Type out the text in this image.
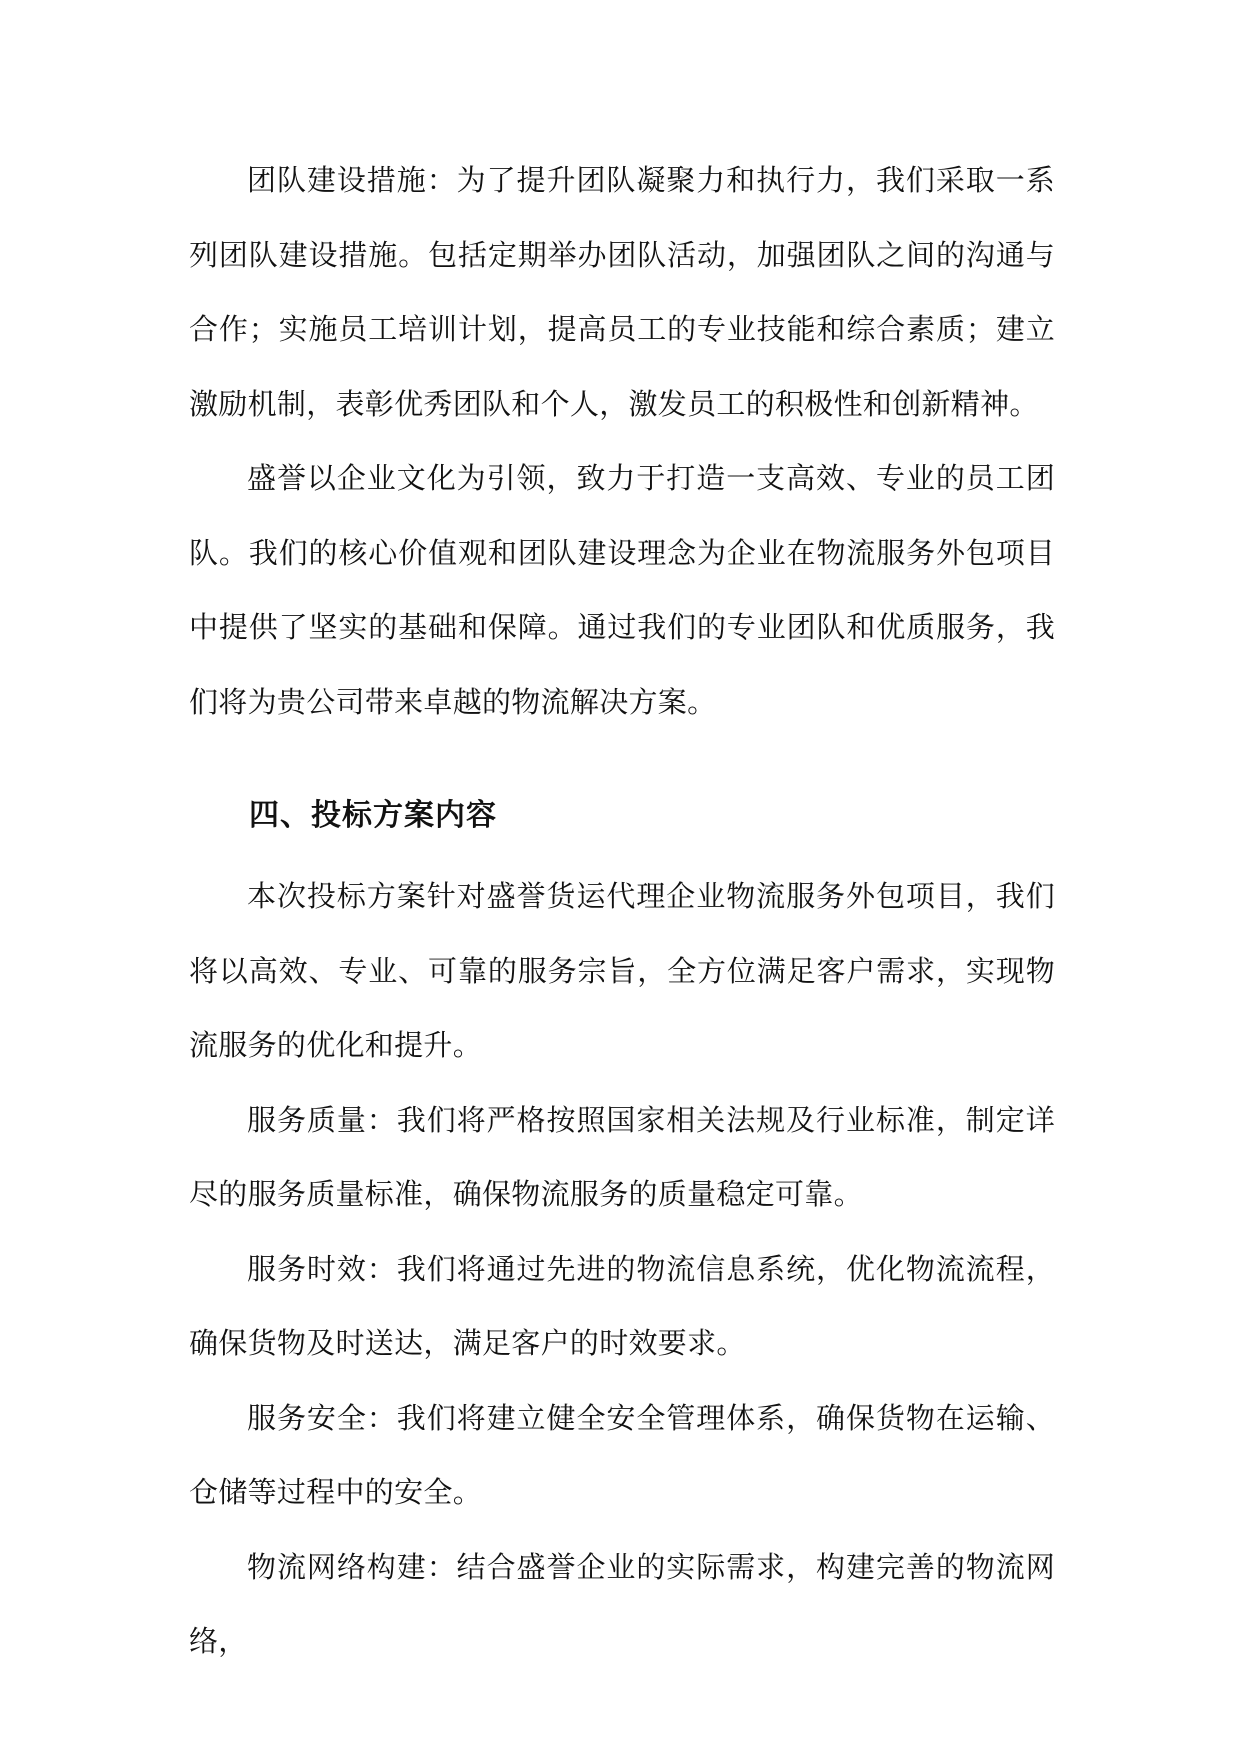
团队建设措施：为了提升团队凝聚力和执行力，我们采取一系列团队建设措施。包括定期举办团队活动，加强团队之间的沟通与合作；实施员工培训计划，提高员工的专业技能和综合素质；建立激励机制，表彰优秀团队和个人，激发员工的积极性和创新精神。

盛誉以企业文化为引领，致力于打造一支高效、专业的员工团队。我们的核心价值观和团队建设理念为企业在物流服务外包项目中提供了坚实的基础和保障。通过我们的专业团队和优质服务，我们将为贵公司带来卓越的物流解决方案。

四、投标方案内容

本次投标方案针对盛誉货运代理企业物流服务外包项目，我们将以高效、专业、可靠的服务宗旨，全方位满足客户需求，实现物流服务的优化和提升。

服务质量：我们将严格按照国家相关法规及行业标准，制定详尽的服务质量标准，确保物流服务的质量稳定可靠。

服务时效：我们将通过先进的物流信息系统，优化物流流程，确保货物及时送达，满足客户的时效要求。

服务安全：我们将建立健全安全管理体系，确保货物在运输、仓储等过程中的安全。

物流网络构建：结合盛誉企业的实际需求，构建完善的物流网络，
